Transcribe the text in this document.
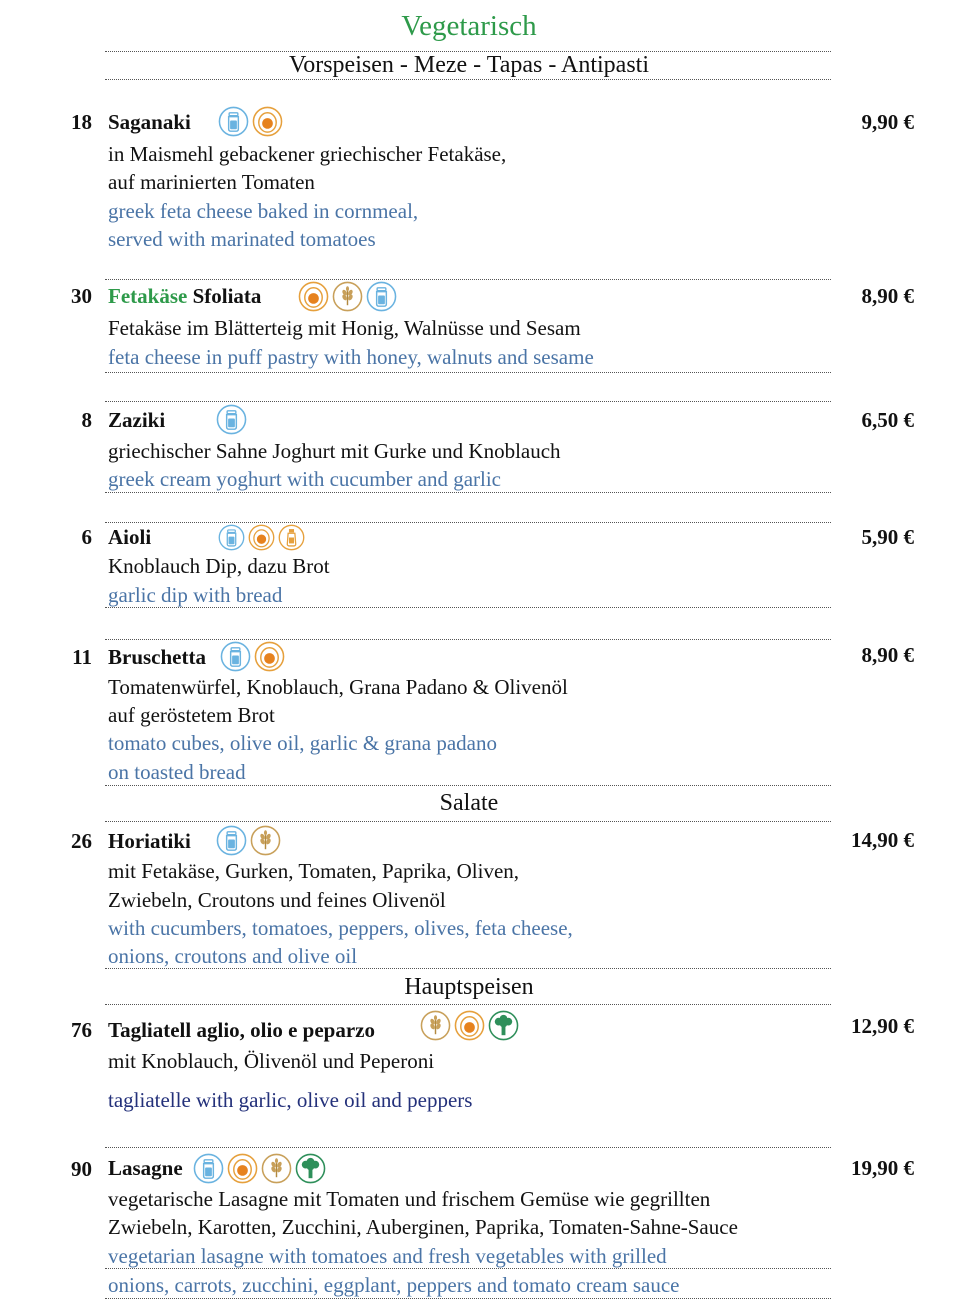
Vegetarisch
Vorspeisen - Meze - Tapas - Antipasti
18 Saganaki	9,90 €
in Maismehl gebackener griechischer Fetakäse,
auf marinierten Tomaten
greek feta cheese baked in cornmeal,
served with marinated tomatoes
30 Fetakäse Sfoliata	8,90 €
Fetakäse im Blätterteig mit Honig, Walnüsse und Sesam
feta cheese in puff pastry with honey, walnuts and sesame
8 Zaziki	6,50 €
griechischer Sahne Joghurt mit Gurke und Knoblauch
greek cream yoghurt with cucumber and garlic
6 Aioli	5,90 €
Knoblauch Dip, dazu Brot
garlic dip with bread
11 Bruschetta	8,90 €
Tomatenwürfel, Knoblauch, Grana Padano & Olivenöl
auf geröstetem Brot
tomato cubes, olive oil, garlic & grana padano
on toasted bread
Salate
26 Horiatiki	14,90 €
mit Fetakäse, Gurken, Tomaten, Paprika, Oliven,
Zwiebeln, Croutons und feines Olivenöl
with cucumbers, tomatoes, peppers, olives, feta cheese,
onions, croutons and olive oil
Hauptspeisen
76 Tagliatell aglio, olio e peparzo	12,90 €
mit Knoblauch, Ölivenöl und Peperoni
tagliatelle with garlic, olive oil and peppers
90 Lasagne	19,90 €
vegetarische Lasagne mit Tomaten und frischem Gemüse wie gegrillten
Zwiebeln, Karotten, Zucchini, Auberginen, Paprika, Tomaten-Sahne-Sauce
vegetarian lasagne with tomatoes and fresh vegetables with grilled
onions, carrots, zucchini, eggplant, peppers and tomato cream sauce
